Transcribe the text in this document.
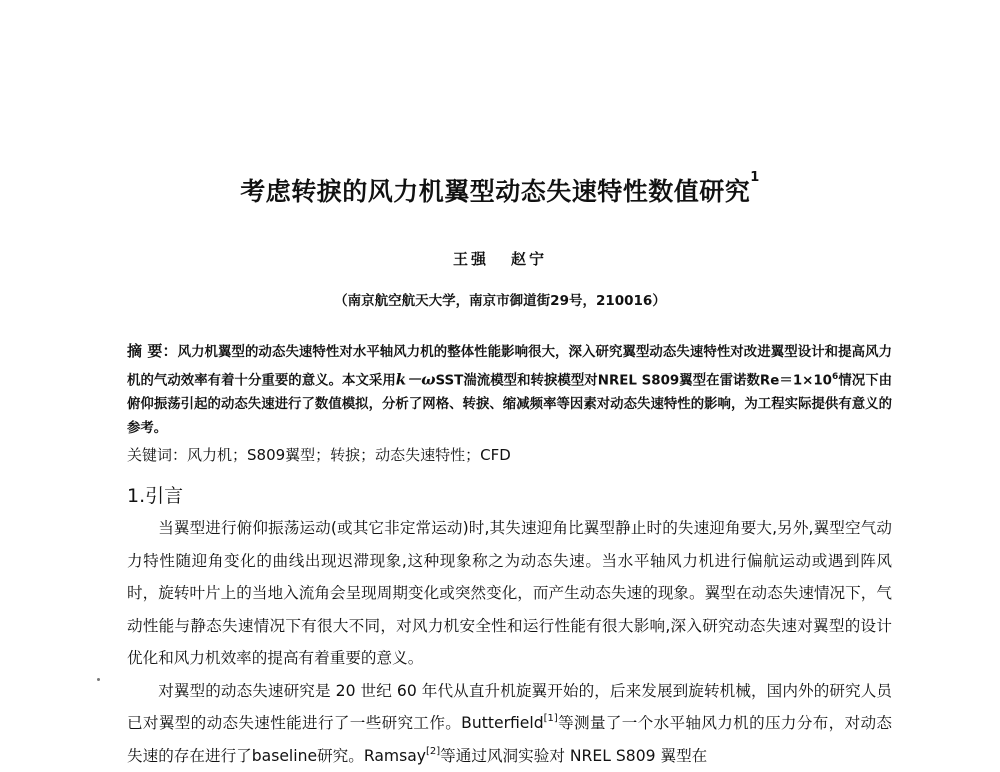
考虑转捩的风力机翼型动态失速特性数值研究$^1$
王强 赵宁
（南京航空航天大学，南京市御道街29号，210016）
摘 要：风力机翼型的动态失速特性对水平轴风力机的整体性能影响很大，深入研究翼型动态失速特性对改进翼型设计和提高风力机的气动效率有着十分重要的意义。本文采用k－ωSST湍流模型和转捩模型对NREL S809翼型在雷诺数$Re=1\times 10^6$情况下由俯仰振荡引起的动态失速进行了数值模拟，分析了网格、转捩、缩减频率等因素对动态失速特性的影响，为工程实际提供有意义的参考。
关键词：风力机；S809翼型；转捩；动态失速特性；CFD
1.引言

当翼型进行俯仰振荡运动(或其它非定常运动)时,其失速迎角比翼型静止时的失速迎角要大,另外,翼型空气动力特性随迎角变化的曲线出现迟滞现象,这种现象称之为动态失速。当水平轴风力机进行偏航运动或遇到阵风时，旋转叶片上的当地入流角会呈现周期变化或突然变化，而产生动态失速的现象。翼型在动态失速情况下，气动性能与静态失速情况下有很大不同，对风力机安全性和运行性能有很大影响,深入研究动态失速对翼型的设计优化和风力机效率的提高有着重要的意义。

对翼型的动态失速研究是 20 世纪 60 年代从直升机旋翼开始的，后来发展到旋转机械，国内外的研究人员已对翼型的动态失速性能进行了一些研究工作。Butterfield[1]等测量了一个水平轴风力机的压力分布，对动态失速的存在进行了baseline研究。Ramsay[2]等通过风洞实验对 NREL S809 翼型在
